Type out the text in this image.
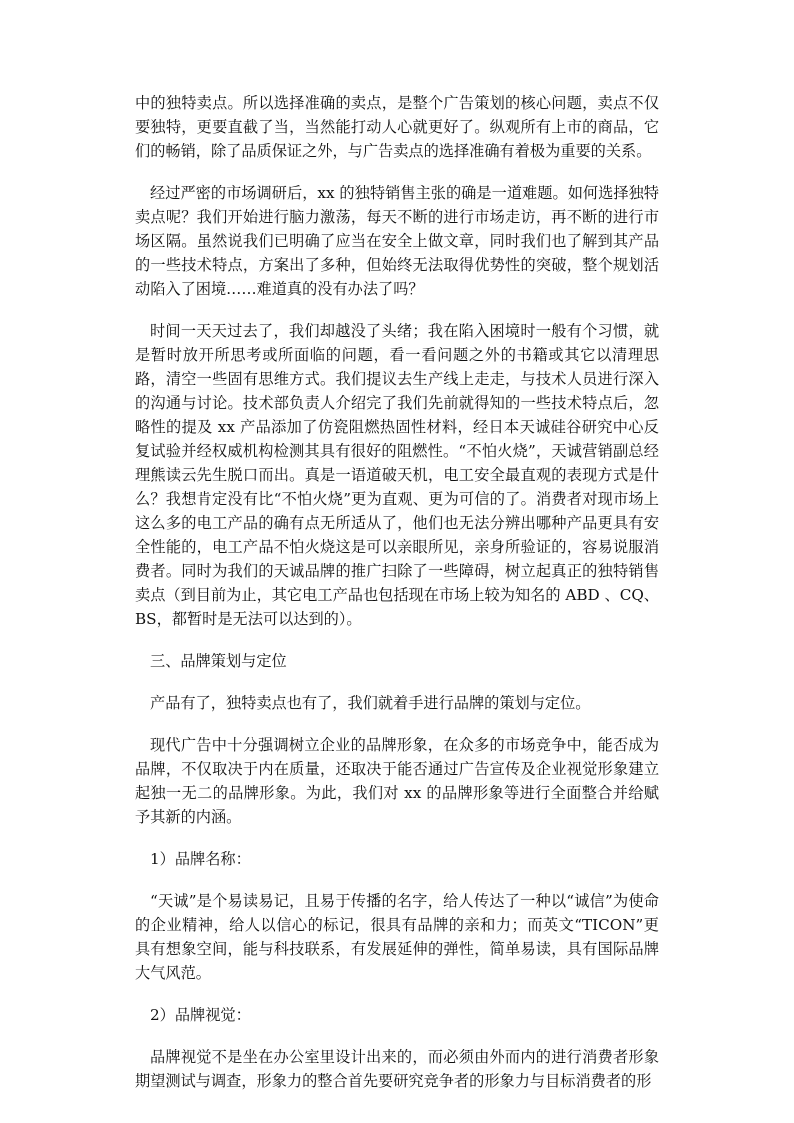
中的独特卖点。所以选择准确的卖点，是整个广告策划的核心问题，卖点不仅要独特，更要直截了当，当然能打动人心就更好了。纵观所有上市的商品，它们的畅销，除了品质保证之外，与广告卖点的选择准确有着极为重要的关系。

经过严密的市场调研后，xx 的独特销售主张的确是一道难题。如何选择独特卖点呢？我们开始进行脑力激荡，每天不断的进行市场走访，再不断的进行市场区隔。虽然说我们已明确了应当在安全上做文章，同时我们也了解到其产品的一些技术特点，方案出了多种，但始终无法取得优势性的突破，整个规划活动陷入了困境……难道真的没有办法了吗？

时间一天天过去了，我们却越没了头绪；我在陷入困境时一般有个习惯，就是暂时放开所思考或所面临的问题，看一看问题之外的书籍或其它以清理思路，清空一些固有思维方式。我们提议去生产线上走走，与技术人员进行深入的沟通与讨论。技术部负责人介绍完了我们先前就得知的一些技术特点后，忽略性的提及 xx 产品添加了仿瓷阻燃热固性材料，经日本天诚硅谷研究中心反复试验并经权威机构检测其具有很好的阻燃性。“不怕火烧”，天诚营销副总经理熊读云先生脱口而出。真是一语道破天机，电工安全最直观的表现方式是什么？我想肯定没有比“不怕火烧”更为直观、更为可信的了。消费者对现市场上这么多的电工产品的确有点无所适从了，他们也无法分辨出哪种产品更具有安全性能的，电工产品不怕火烧这是可以亲眼所见，亲身所验证的，容易说服消费者。同时为我们的天诚品牌的推广扫除了一些障碍，树立起真正的独特销售卖点（到目前为止，其它电工产品也包括现在市场上较为知名的 ABD 、CQ、BS，都暂时是无法可以达到的）。

三、品牌策划与定位

产品有了，独特卖点也有了，我们就着手进行品牌的策划与定位。

现代广告中十分强调树立企业的品牌形象，在众多的市场竞争中，能否成为品牌，不仅取决于内在质量，还取决于能否通过广告宣传及企业视觉形象建立起独一无二的品牌形象。为此，我们对 xx 的品牌形象等进行全面整合并给赋予其新的内涵。

1）品牌名称：

“天诚”是个易读易记，且易于传播的名字，给人传达了一种以“诚信”为使命的企业精神，给人以信心的标记，很具有品牌的亲和力；而英文“TICON”更具有想象空间，能与科技联系，有发展延伸的弹性，简单易读，具有国际品牌大气风范。

2）品牌视觉：

品牌视觉不是坐在办公室里设计出来的，而必须由外而内的进行消费者形象期望测试与调查，形象力的整合首先要研究竞争者的形象力与目标消费者的形
